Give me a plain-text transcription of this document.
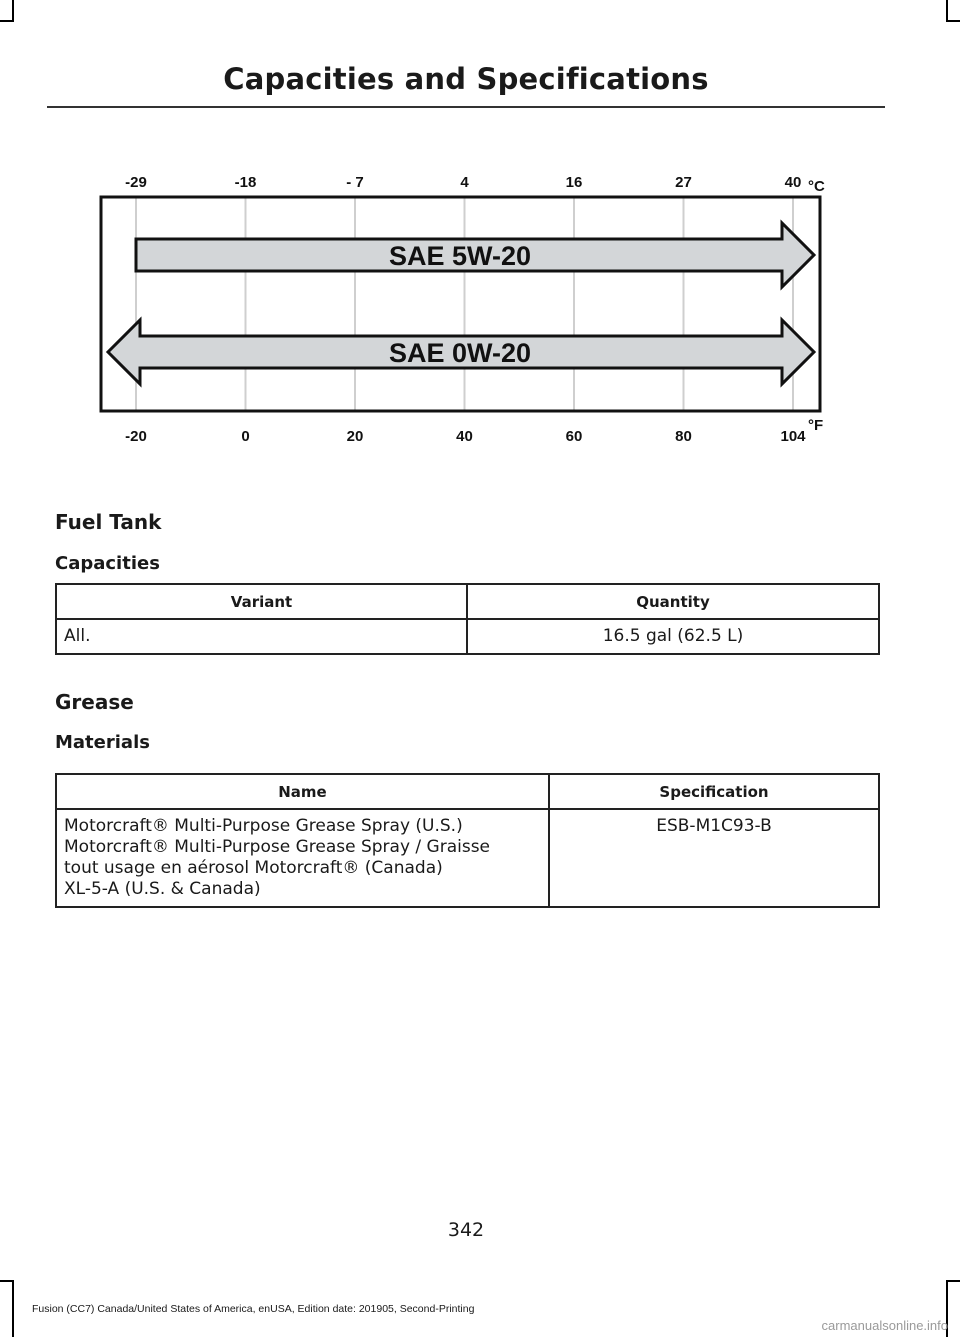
Capacities and Specifications
-29	-18	- 7	4	16	27	40
-20	0	20	40	60	80	104
°C
°F
SAE 5W-20
SAE 0W-20
Fuel Tank
Capacities
Variant	Quantity
All.	16.5 gal (62.5 L)
Grease
Materials
Name	Specification

Motorcraft® Multi-Purpose Grease Spray (U.S.)
Motorcraft® Multi-Purpose Grease Spray / Graisse
tout usage en aérosol Motorcraft® (Canada)
XL-5-A (U.S. & Canada)	ESB-M1C93-B
342
Fusion (CC7) Canada/United States of America, enUSA, Edition date: 201905, Second-Printing
carmanualsonline.info
